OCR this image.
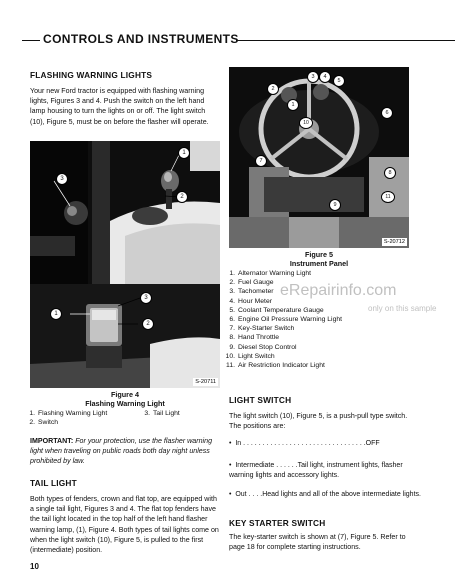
CONTROLS AND INSTRUMENTS
FLASHING WARNING LIGHTS
Your new Ford tractor is equipped with flashing warning lights, Figures 3 and 4. Push the switch on the left hand lamp housing to turn the lights on or off. The light switch (10), Figure 5, must be on before the flasher will operate.
1
2
3
1
2
3
S-20711
Figure 4
Flashing Warning Light
1. Flashing Warning Light
2. Switch
3. Tail Light
IMPORTANT: For your protection, use the flasher warning light when traveling on public roads both day night unless prohibited by law.
TAIL LIGHT
Both types of fenders, crown and flat top, are equipped with a single tail light, Figures 3 and 4. The flat top fenders have the tail light located in the top half of the left hand flasher warning lamp, (1), Figure 4. Both types of tail lights come on when the light switch (10), Figure 5, is pulled to the first (intermediate) position.
10
3	4
5
2
1
6
10
7
8
11
9
S-20712
Figure 5
Instrument Panel
1. Alternator Warning Light
2. Fuel Gauge
3. Tachometer
4. Hour Meter
5. Coolant Temperature Gauge
6. Engine Oil Pressure Warning Light
7. Key-Starter Switch
8. Hand Throttle
9. Diesel Stop Control
10. Light Switch
11. Air Restriction Indicator Light
eRepairinfo.com
only on this sample
LIGHT SWITCH
The light switch (10), Figure 5, is a push-pull type switch. The positions are:
• In . . . . . . . . . . . . . . . . . . . . . . . . . . . . . . . .OFF
• Intermediate . . . . . .Tail light, instrument lights, flasher warning lights and accessory lights.
• Out . . . .Head lights and all of the above intermediate lights.
KEY STARTER SWITCH
The key-starter switch is shown at (7), Figure 5. Refer to page 18 for complete starting instructions.
